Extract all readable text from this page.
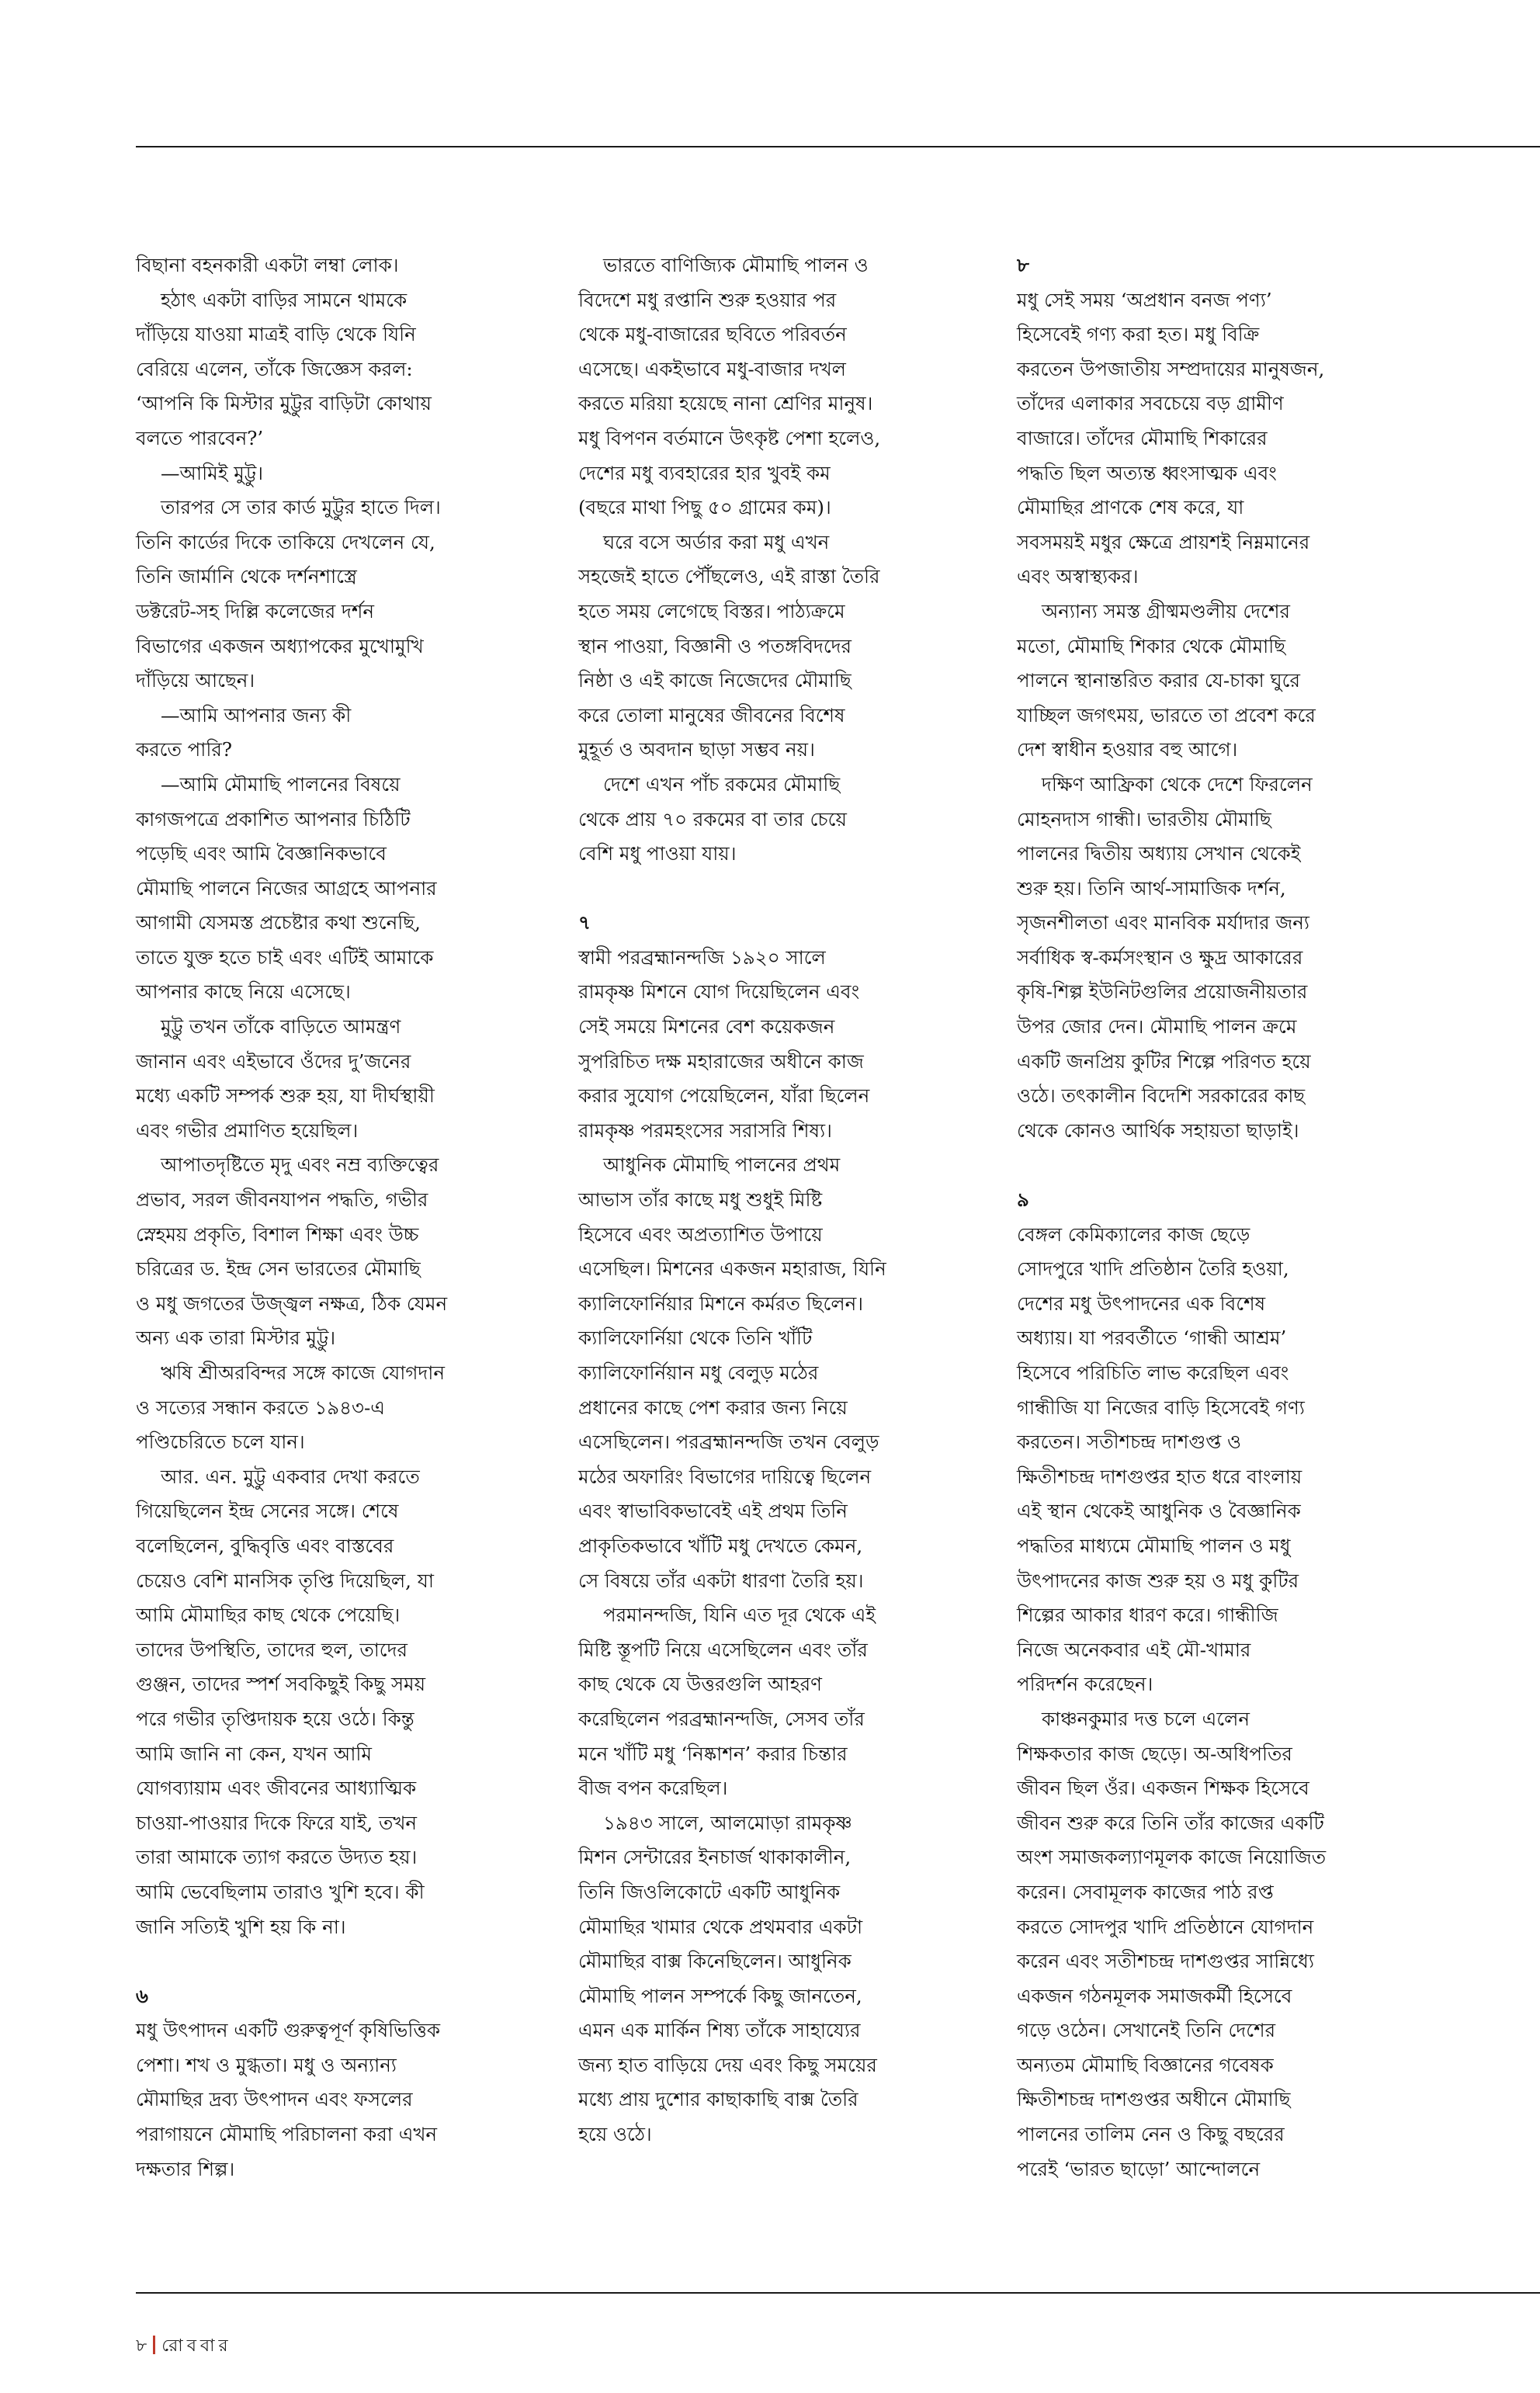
বিছানা বহনকারী একটা লম্বা লোক।
হঠাৎ একটা বাড়ির সামনে থামকে
দাঁড়িয়ে যাওয়া মাত্রই বাড়ি থেকে যিনি
বেরিয়ে এলেন, তাঁকে জিজ্ঞেস করল:
‘আপনি কি মিস্টার মুট্টুর বাড়িটা কোথায়
বলতে পারবেন?’
—আমিই মুট্টু।
তারপর সে তার কার্ড মুট্টুর হাতে দিল।
তিনি কার্ডের দিকে তাকিয়ে দেখলেন যে,
তিনি জার্মানি থেকে দর্শনশাস্ত্রে
ডক্টরেট-সহ দিল্লি কলেজের দর্শন
বিভাগের একজন অধ্যাপকের মুখোমুখি
দাঁড়িয়ে আছেন।
—আমি আপনার জন্য কী
করতে পারি?
—আমি মৌমাছি পালনের বিষয়ে
কাগজপত্রে প্রকাশিত আপনার চিঠিটি
পড়েছি এবং আমি বৈজ্ঞানিকভাবে
মৌমাছি পালনে নিজের আগ্রহে আপনার
আগামী যেসমস্ত প্রচেষ্টার কথা শুনেছি,
তাতে যুক্ত হতে চাই এবং এটিই আমাকে
আপনার কাছে নিয়ে এসেছে।
মুট্টু তখন তাঁকে বাড়িতে আমন্ত্রণ
জানান এবং এইভাবে ওঁদের দু’জনের
মধ্যে একটি সম্পর্ক শুরু হয়, যা দীর্ঘস্থায়ী
এবং গভীর প্রমাণিত হয়েছিল।
আপাতদৃষ্টিতে মৃদু এবং নম্র ব্যক্তিত্বের
প্রভাব, সরল জীবনযাপন পদ্ধতি, গভীর
স্নেহময় প্রকৃতি, বিশাল শিক্ষা এবং উচ্চ
চরিত্রের ড. ইন্দ্র সেন ভারতের মৌমাছি
ও মধু জগতের উজ্জ্বল নক্ষত্র, ঠিক যেমন
অন্য এক তারা মিস্টার মুট্টু।
ঋষি শ্রীঅরবিন্দর সঙ্গে কাজে যোগদান
ও সত্যের সন্ধান করতে ১৯৪৩-এ
পণ্ডিচেরিতে চলে যান।
আর. এন. মুট্টু একবার দেখা করতে
গিয়েছিলেন ইন্দ্র সেনের সঙ্গে। শেষে
বলেছিলেন, বুদ্ধিবৃত্তি এবং বাস্তবের
চেয়েও বেশি মানসিক তৃপ্তি দিয়েছিল, যা
আমি মৌমাছির কাছ থেকে পেয়েছি।
তাদের উপস্থিতি, তাদের হুল, তাদের
গুঞ্জন, তাদের স্পর্শ সবকিছুই কিছু সময়
পরে গভীর তৃপ্তিদায়ক হয়ে ওঠে। কিন্তু
আমি জানি না কেন, যখন আমি
যোগব্যায়াম এবং জীবনের আধ্যাত্মিক
চাওয়া-পাওয়ার দিকে ফিরে যাই, তখন
তারা আমাকে ত্যাগ করতে উদ্যত হয়।
আমি ভেবেছিলাম তারাও খুশি হবে। কী
জানি সত্যিই খুশি হয় কি না।
৬
মধু উৎপাদন একটি গুরুত্বপূর্ণ কৃষিভিত্তিক
পেশা। শখ ও মুগ্ধতা। মধু ও অন্যান্য
মৌমাছির দ্রব্য উৎপাদন এবং ফসলের
পরাগায়নে মৌমাছি পরিচালনা করা এখন
দক্ষতার শিল্প।
ভারতে বাণিজ্যিক মৌমাছি পালন ও
বিদেশে মধু রপ্তানি শুরু হওয়ার পর
থেকে মধু-বাজারের ছবিতে পরিবর্তন
এসেছে। একইভাবে মধু-বাজার দখল
করতে মরিয়া হয়েছে নানা শ্রেণির মানুষ।
মধু বিপণন বর্তমানে উৎকৃষ্ট পেশা হলেও,
দেশের মধু ব্যবহারের হার খুবই কম
(বছরে মাথা পিছু ৫০ গ্রামের কম)।
ঘরে বসে অর্ডার করা মধু এখন
সহজেই হাতে পৌঁছলেও, এই রাস্তা তৈরি
হতে সময় লেগেছে বিস্তর। পাঠ্যক্রমে
স্থান পাওয়া, বিজ্ঞানী ও পতঙ্গবিদদের
নিষ্ঠা ও এই কাজে নিজেদের মৌমাছি
করে তোলা মানুষের জীবনের বিশেষ
মুহূর্ত ও অবদান ছাড়া সম্ভব নয়।
দেশে এখন পাঁচ রকমের মৌমাছি
থেকে প্রায় ৭০ রকমের বা তার চেয়ে
বেশি মধু পাওয়া যায়।
৭
স্বামী পরব্রহ্মানন্দজি ১৯২০ সালে
রামকৃষ্ণ মিশনে যোগ দিয়েছিলেন এবং
সেই সময়ে মিশনের বেশ কয়েকজন
সুপরিচিত দক্ষ মহারাজের অধীনে কাজ
করার সুযোগ পেয়েছিলেন, যাঁরা ছিলেন
রামকৃষ্ণ পরমহংসের সরাসরি শিষ্য।
আধুনিক মৌমাছি পালনের প্রথম
আভাস তাঁর কাছে মধু শুধুই মিষ্টি
হিসেবে এবং অপ্রত্যাশিত উপায়ে
এসেছিল। মিশনের একজন মহারাজ, যিনি
ক্যালিফোর্নিয়ার মিশনে কর্মরত ছিলেন।
ক্যালিফোর্নিয়া থেকে তিনি খাঁটি
ক্যালিফোর্নিয়ান মধু বেলুড় মঠের
প্রধানের কাছে পেশ করার জন্য নিয়ে
এসেছিলেন। পরব্রহ্মানন্দজি তখন বেলুড়
মঠের অফারিং বিভাগের দায়িত্বে ছিলেন
এবং স্বাভাবিকভাবেই এই প্রথম তিনি
প্রাকৃতিকভাবে খাঁটি মধু দেখতে কেমন,
সে বিষয়ে তাঁর একটা ধারণা তৈরি হয়।
পরমানন্দজি, যিনি এত দূর থেকে এই
মিষ্টি স্তূপটি নিয়ে এসেছিলেন এবং তাঁর
কাছ থেকে যে উত্তরগুলি আহরণ
করেছিলেন পরব্রহ্মানন্দজি, সেসব তাঁর
মনে খাঁটি মধু ‘নিষ্কাশন’ করার চিন্তার
বীজ বপন করেছিল।
১৯৪৩ সালে, আলমোড়া রামকৃষ্ণ
মিশন সেন্টারের ইনচার্জ থাকাকালীন,
তিনি জিওলিকোটে একটি আধুনিক
মৌমাছির খামার থেকে প্রথমবার একটা
মৌমাছির বাক্স কিনেছিলেন। আধুনিক
মৌমাছি পালন সম্পর্কে কিছু জানতেন,
এমন এক মার্কিন শিষ্য তাঁকে সাহায্যের
জন্য হাত বাড়িয়ে দেয় এবং কিছু সময়ের
মধ্যে প্রায় দুশোর কাছাকাছি বাক্স তৈরি
হয়ে ওঠে।
৮
মধু সেই সময় ‘অপ্রধান বনজ পণ্য’
হিসেবেই গণ্য করা হত। মধু বিক্রি
করতেন উপজাতীয় সম্প্রদায়ের মানুষজন,
তাঁদের এলাকার সবচেয়ে বড় গ্রামীণ
বাজারে। তাঁদের মৌমাছি শিকারের
পদ্ধতি ছিল অত্যন্ত ধ্বংসাত্মক এবং
মৌমাছির প্রাণকে শেষ করে, যা
সবসময়ই মধুর ক্ষেত্রে প্রায়শই নিম্নমানের
এবং অস্বাস্থ্যকর।
অন্যান্য সমস্ত গ্রীষ্মমণ্ডলীয় দেশের
মতো, মৌমাছি শিকার থেকে মৌমাছি
পালনে স্থানান্তরিত করার যে-চাকা ঘুরে
যাচ্ছিল জগৎময়, ভারতে তা প্রবেশ করে
দেশ স্বাধীন হওয়ার বহু আগে।
দক্ষিণ আফ্রিকা থেকে দেশে ফিরলেন
মোহনদাস গান্ধী। ভারতীয় মৌমাছি
পালনের দ্বিতীয় অধ্যায় সেখান থেকেই
শুরু হয়। তিনি আর্থ-সামাজিক দর্শন,
সৃজনশীলতা এবং মানবিক মর্যাদার জন্য
সর্বাধিক স্ব-কর্মসংস্থান ও ক্ষুদ্র আকারের
কৃষি-শিল্প ইউনিটগুলির প্রয়োজনীয়তার
উপর জোর দেন। মৌমাছি পালন ক্রমে
একটি জনপ্রিয় কুটির শিল্পে পরিণত হয়ে
ওঠে। তৎকালীন বিদেশি সরকারের কাছ
থেকে কোনও আর্থিক সহায়তা ছাড়াই।
৯
বেঙ্গল কেমিক্যালের কাজ ছেড়ে
সোদপুরে খাদি প্রতিষ্ঠান তৈরি হওয়া,
দেশের মধু উৎপাদনের এক বিশেষ
অধ্যায়। যা পরবর্তীতে ‘গান্ধী আশ্রম’
হিসেবে পরিচিতি লাভ করেছিল এবং
গান্ধীজি যা নিজের বাড়ি হিসেবেই গণ্য
করতেন। সতীশচন্দ্র দাশগুপ্ত ও
ক্ষিতীশচন্দ্র দাশগুপ্তর হাত ধরে বাংলায়
এই স্থান থেকেই আধুনিক ও বৈজ্ঞানিক
পদ্ধতির মাধ্যমে মৌমাছি পালন ও মধু
উৎপাদনের কাজ শুরু হয় ও মধু কুটির
শিল্পের আকার ধারণ করে। গান্ধীজি
নিজে অনেকবার এই মৌ-খামার
পরিদর্শন করেছেন।
কাঞ্চনকুমার দত্ত চলে এলেন
শিক্ষকতার কাজ ছেড়ে। অ-অধিপতির
জীবন ছিল ওঁর। একজন শিক্ষক হিসেবে
জীবন শুরু করে তিনি তাঁর কাজের একটি
অংশ সমাজকল্যাণমূলক কাজে নিয়োজিত
করেন। সেবামূলক কাজের পাঠ রপ্ত
করতে সোদপুর খাদি প্রতিষ্ঠানে যোগদান
করেন এবং সতীশচন্দ্র দাশগুপ্তর সান্নিধ্যে
একজন গঠনমূলক সমাজকর্মী হিসেবে
গড়ে ওঠেন। সেখানেই তিনি দেশের
অন্যতম মৌমাছি বিজ্ঞানের গবেষক
ক্ষিতীশচন্দ্র দাশগুপ্তর অধীনে মৌমাছি
পালনের তালিম নেন ও কিছু বছরের
পরেই ‘ভারত ছাড়ো’ আন্দোলনে
৮ রোববার
